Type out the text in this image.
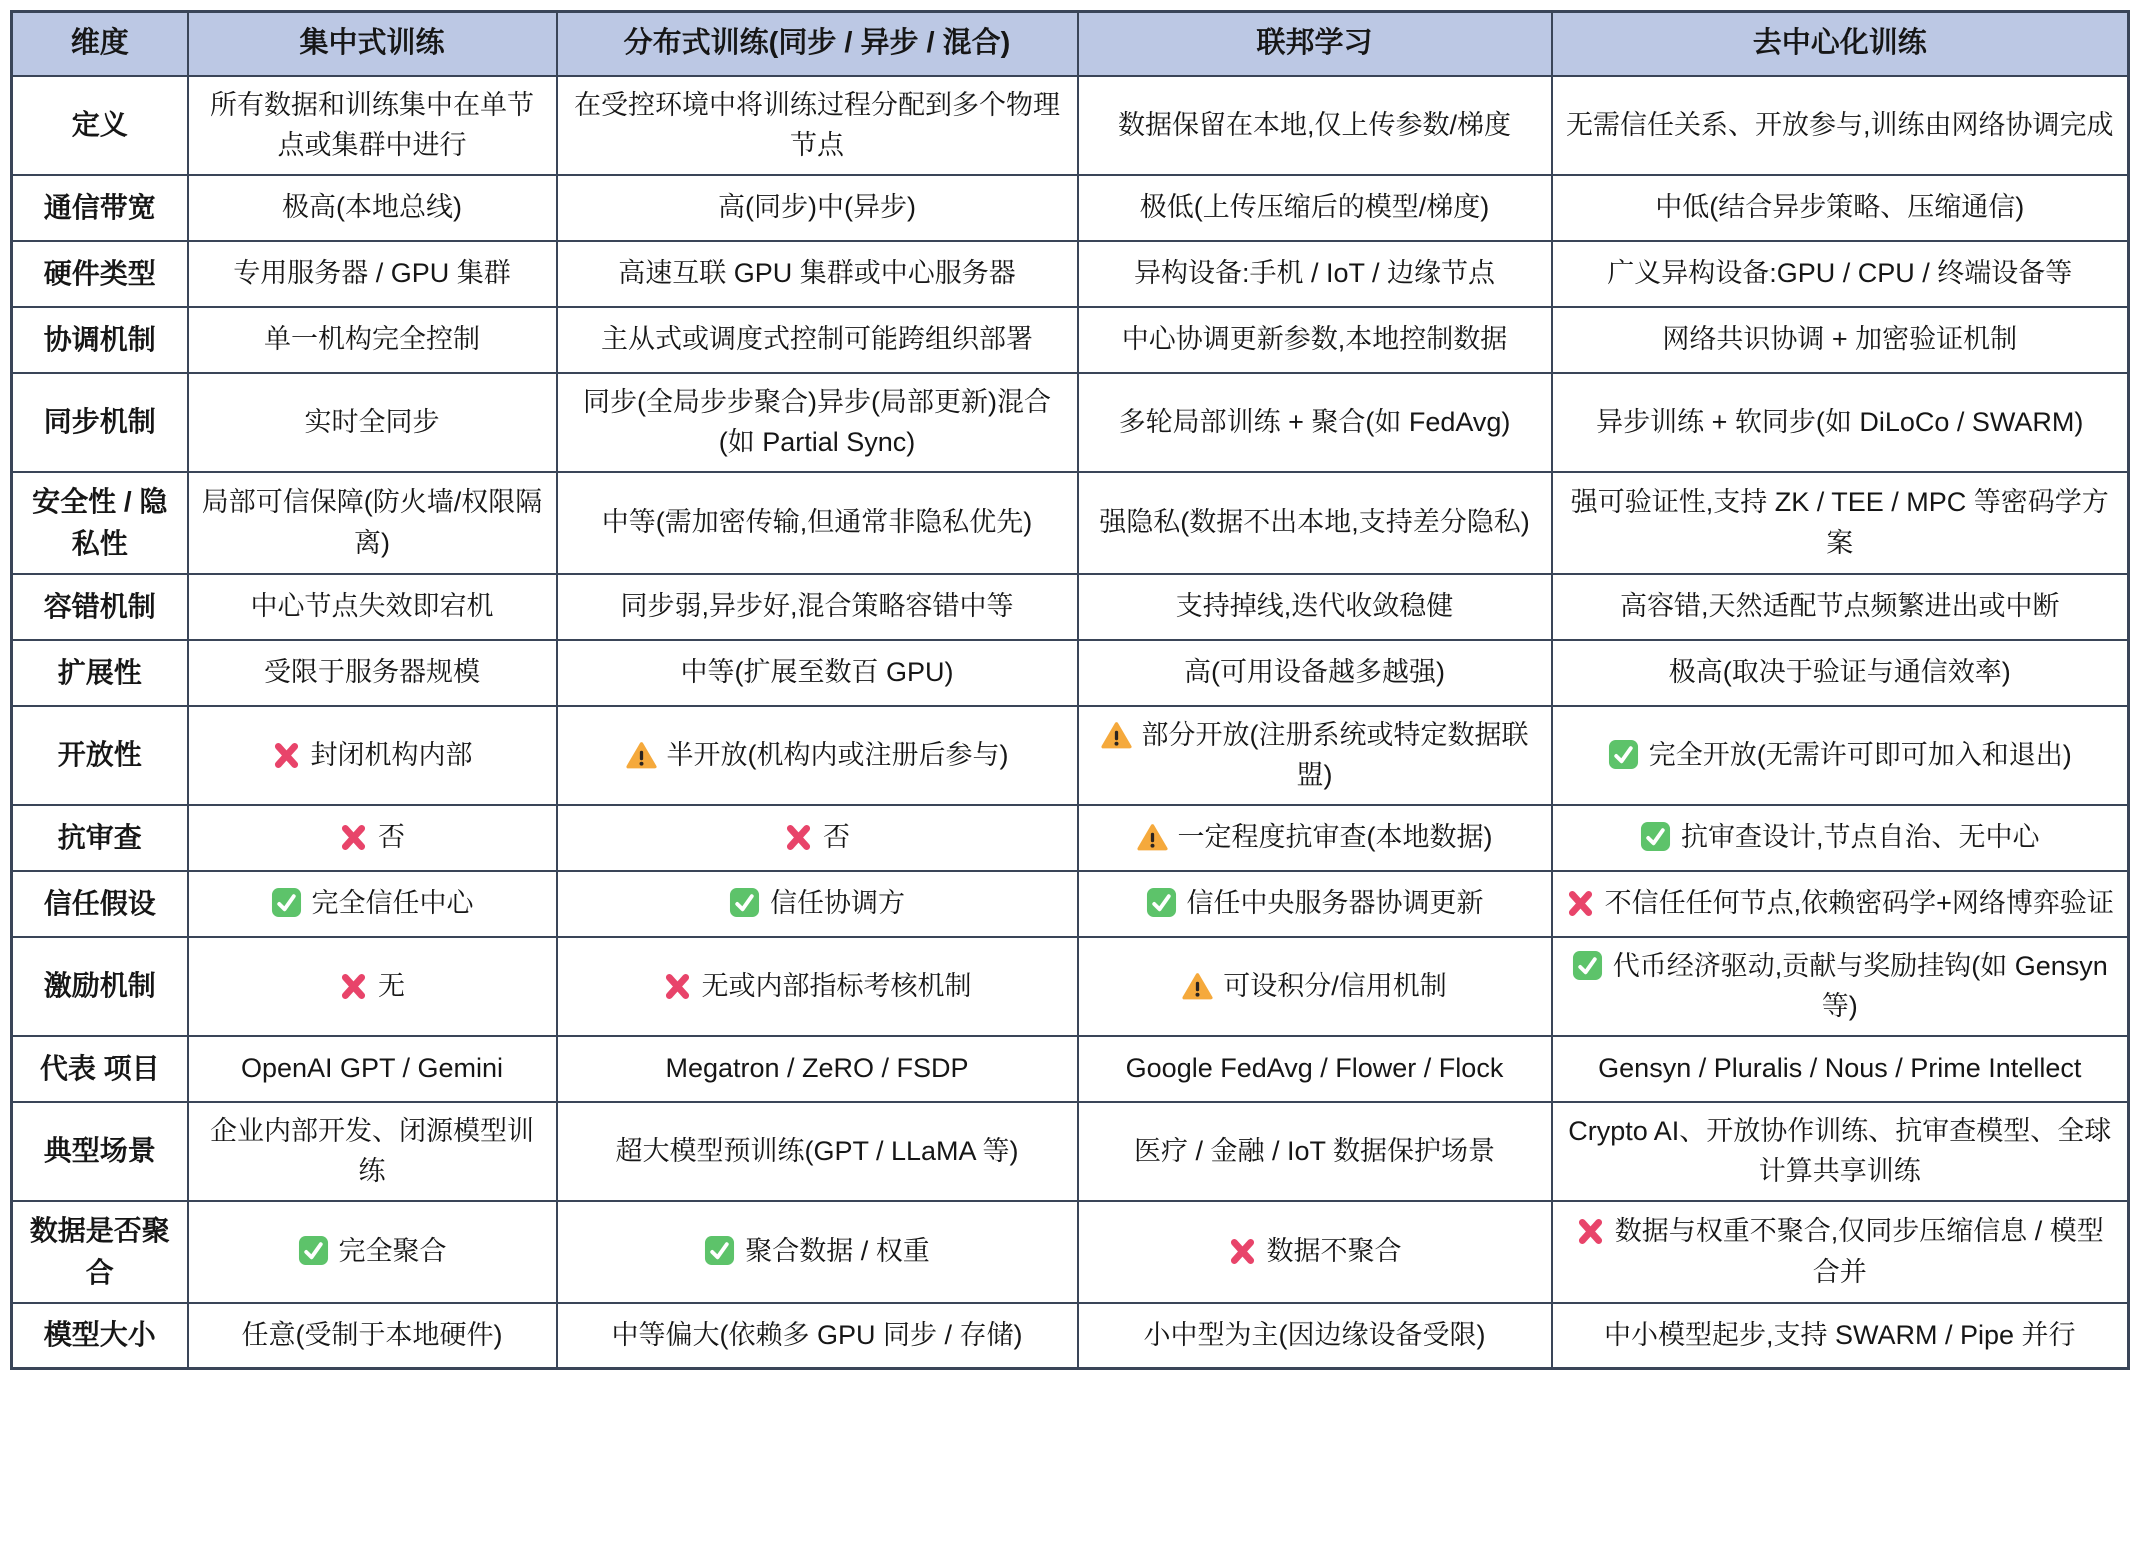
维度	集中式训练	分布式训练(同步 / 异步 / 混合)	联邦学习	去中心化训练
定义	所有数据和训练集中在单节点或集群中进行	在受控环境中将训练过程分配到多个物理节点	数据保留在本地,仅上传参数/梯度	无需信任关系、开放参与,训练由网络协调完成
通信带宽	极高(本地总线)	高(同步)中(异步)	极低(上传压缩后的模型/梯度)	中低(结合异步策略、压缩通信)
硬件类型	专用服务器 / GPU 集群	高速互联 GPU 集群或中心服务器	异构设备:手机 / IoT / 边缘节点	广义异构设备:GPU / CPU / 终端设备等
协调机制	单一机构完全控制	主从式或调度式控制可能跨组织部署	中心协调更新参数,本地控制数据	网络共识协调 + 加密验证机制
同步机制	实时全同步	同步(全局步步聚合)异步(局部更新)混合(如 Partial Sync)	多轮局部训练 + 聚合(如 FedAvg)	异步训练 + 软同步(如 DiLoCo / SWARM)
安全性 / 隐私性	局部可信保障(防火墙/权限隔离)	中等(需加密传输,但通常非隐私优先)	强隐私(数据不出本地,支持差分隐私)	强可验证性,支持 ZK / TEE / MPC 等密码学方案
容错机制	中心节点失效即宕机	同步弱,异步好,混合策略容错中等	支持掉线,迭代收敛稳健	高容错,天然适配节点频繁进出或中断
扩展性	受限于服务器规模	中等(扩展至数百 GPU)	高(可用设备越多越强)	极高(取决于验证与通信效率)
开放性	封闭机构内部	半开放(机构内或注册后参与)	部分开放(注册系统或特定数据联盟)	完全开放(无需许可即可加入和退出)
抗审查	否	否	一定程度抗审查(本地数据)	抗审查设计,节点自治、无中心
信任假设	完全信任中心	信任协调方	信任中央服务器协调更新	不信任任何节点,依赖密码学+网络博弈验证
激励机制	无	无或内部指标考核机制	可设积分/信用机制	代币经济驱动,贡献与奖励挂钩(如 Gensyn 等)
代表 项目	OpenAI GPT / Gemini	Megatron / ZeRO / FSDP	Google FedAvg / Flower / Flock	Gensyn / Pluralis / Nous / Prime Intellect
典型场景	企业内部开发、闭源模型训练	超大模型预训练(GPT / LLaMA 等)	医疗 / 金融 / IoT 数据保护场景	Crypto AI、开放协作训练、抗审查模型、全球计算共享训练
数据是否聚合	完全聚合	聚合数据 / 权重	数据不聚合	数据与权重不聚合,仅同步压缩信息 / 模型合并
模型大小	任意(受制于本地硬件)	中等偏大(依赖多 GPU 同步 / 存储)	小中型为主(因边缘设备受限)	中小模型起步,支持 SWARM / Pipe 并行
